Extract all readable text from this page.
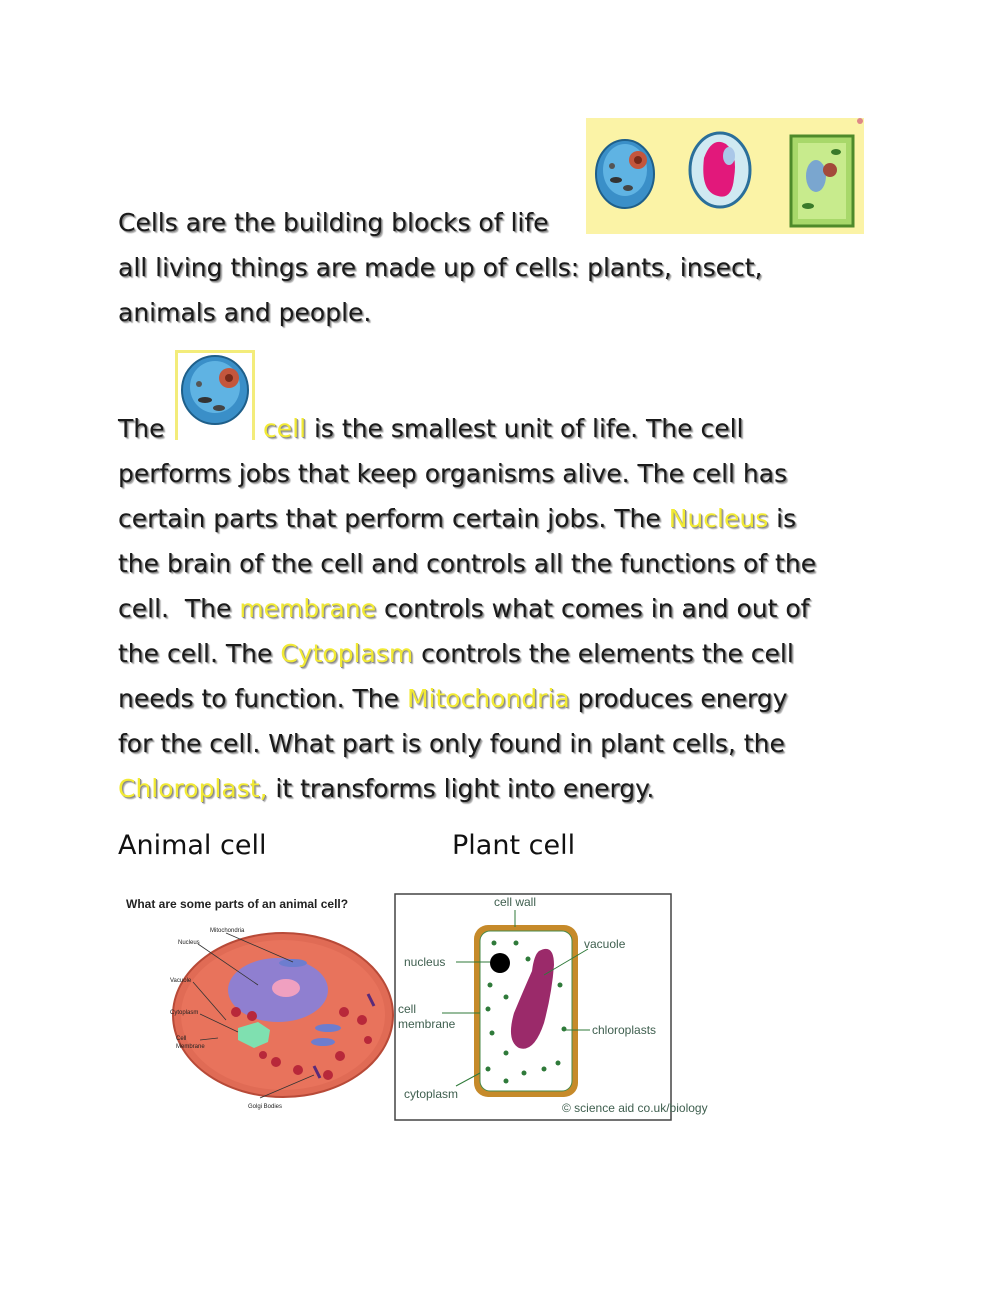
Cells are the building blocks of life
all living things are made up of cells: plants, insect,
animals and people.
The	cell is the smallest unit of life. The cell
performs jobs that keep organisms alive. The cell has
certain parts that perform certain jobs. The Nucleus is
the brain of the cell and controls all the functions of the
cell.  The membrane controls what comes in and out of
the cell. The Cytoplasm controls the elements the cell
needs to function. The Mitochondria produces energy
for the cell. What part is only found in plant cells, the
Chloroplast, it transforms light into energy.
Animal cell	Plant cell
What are some parts of an animal cell?
Mitochondria
Nucleus
Vacuole
Cytoplasm
Cell
Membrane
Golgi Bodies
cell wall
vacuole
nucleus
cell
membrane	chloroplasts
cytoplasm
© science aid co.uk/biology
